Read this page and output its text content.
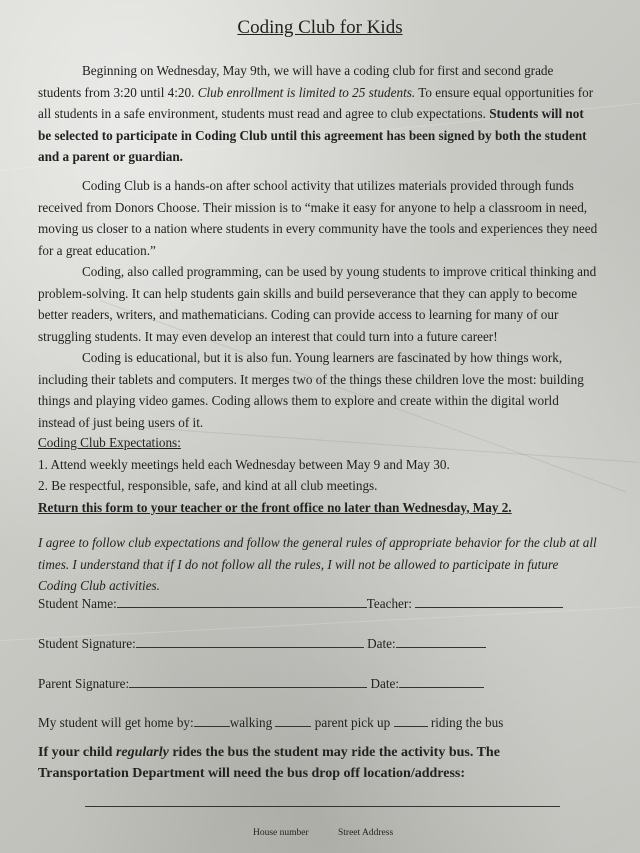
Coding Club for Kids

Beginning on Wednesday, May 9th, we will have a coding club for first and second grade students from 3:20 until 4:20. Club enrollment is limited to 25 students. To ensure equal opportunities for all students in a safe environment, students must read and agree to club expectations. Students will not be selected to participate in Coding Club until this agreement has been signed by both the student and a parent or guardian.

Coding Club is a hands-on after school activity that utilizes materials provided through funds received from Donors Choose. Their mission is to “make it easy for anyone to help a classroom in need, moving us closer to a nation where students in every community have the tools and experiences they need for a great education.”

Coding, also called programming, can be used by young students to improve critical thinking and problem-solving. It can help students gain skills and build perseverance that they can apply to become better readers, writers, and mathematicians. Coding can provide access to learning for many of our struggling students. It may even develop an interest that could turn into a future career!

Coding is educational, but it is also fun. Young learners are fascinated by how things work, including their tablets and computers. It merges two of the things these children love the most: building things and playing video games. Coding allows them to explore and create within the digital world instead of just being users of it.

Coding Club Expectations:

1. Attend weekly meetings held each Wednesday between May 9 and May 30.

2. Be respectful, responsible, safe, and kind at all club meetings.

Return this form to your teacher or the front office no later than Wednesday, May 2.

I agree to follow club expectations and follow the general rules of appropriate behavior for the club at all times. I understand that if I do not follow all the rules, I will not be allowed to participate in future Coding Club activities.
Student Name:	Teacher:
Student Signature:	Date:
Parent Signature:	Date:
My student will get home by:	walking	parent pick up	riding the bus
If your child regularly rides the bus the student may ride the activity bus. The Transportation Department will need the bus drop off location/address:
House number	Street Address
